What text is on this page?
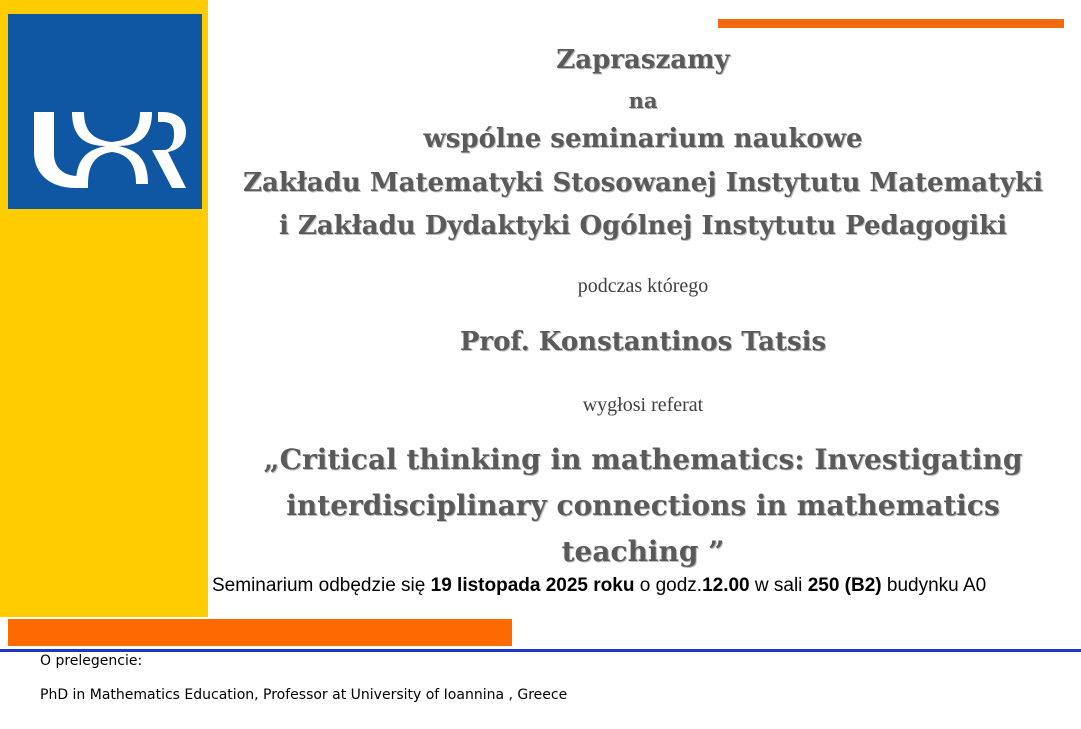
Zapraszamy
na
wspólne seminarium naukowe
Zakładu Matematyki Stosowanej Instytutu Matematyki
i Zakładu Dydaktyki Ogólnej Instytutu Pedagogiki
podczas którego
Prof. Konstantinos Tatsis
wygłosi referat
„Critical thinking in mathematics: Investigating
interdisciplinary connections in mathematics teaching ”
Seminarium odbędzie się 19 listopada 2025 roku o godz.12.00 w sali 250 (B2) budynku A0
O prelegencie:
PhD in Mathematics Education, Professor at University of Ioannina , Greece
